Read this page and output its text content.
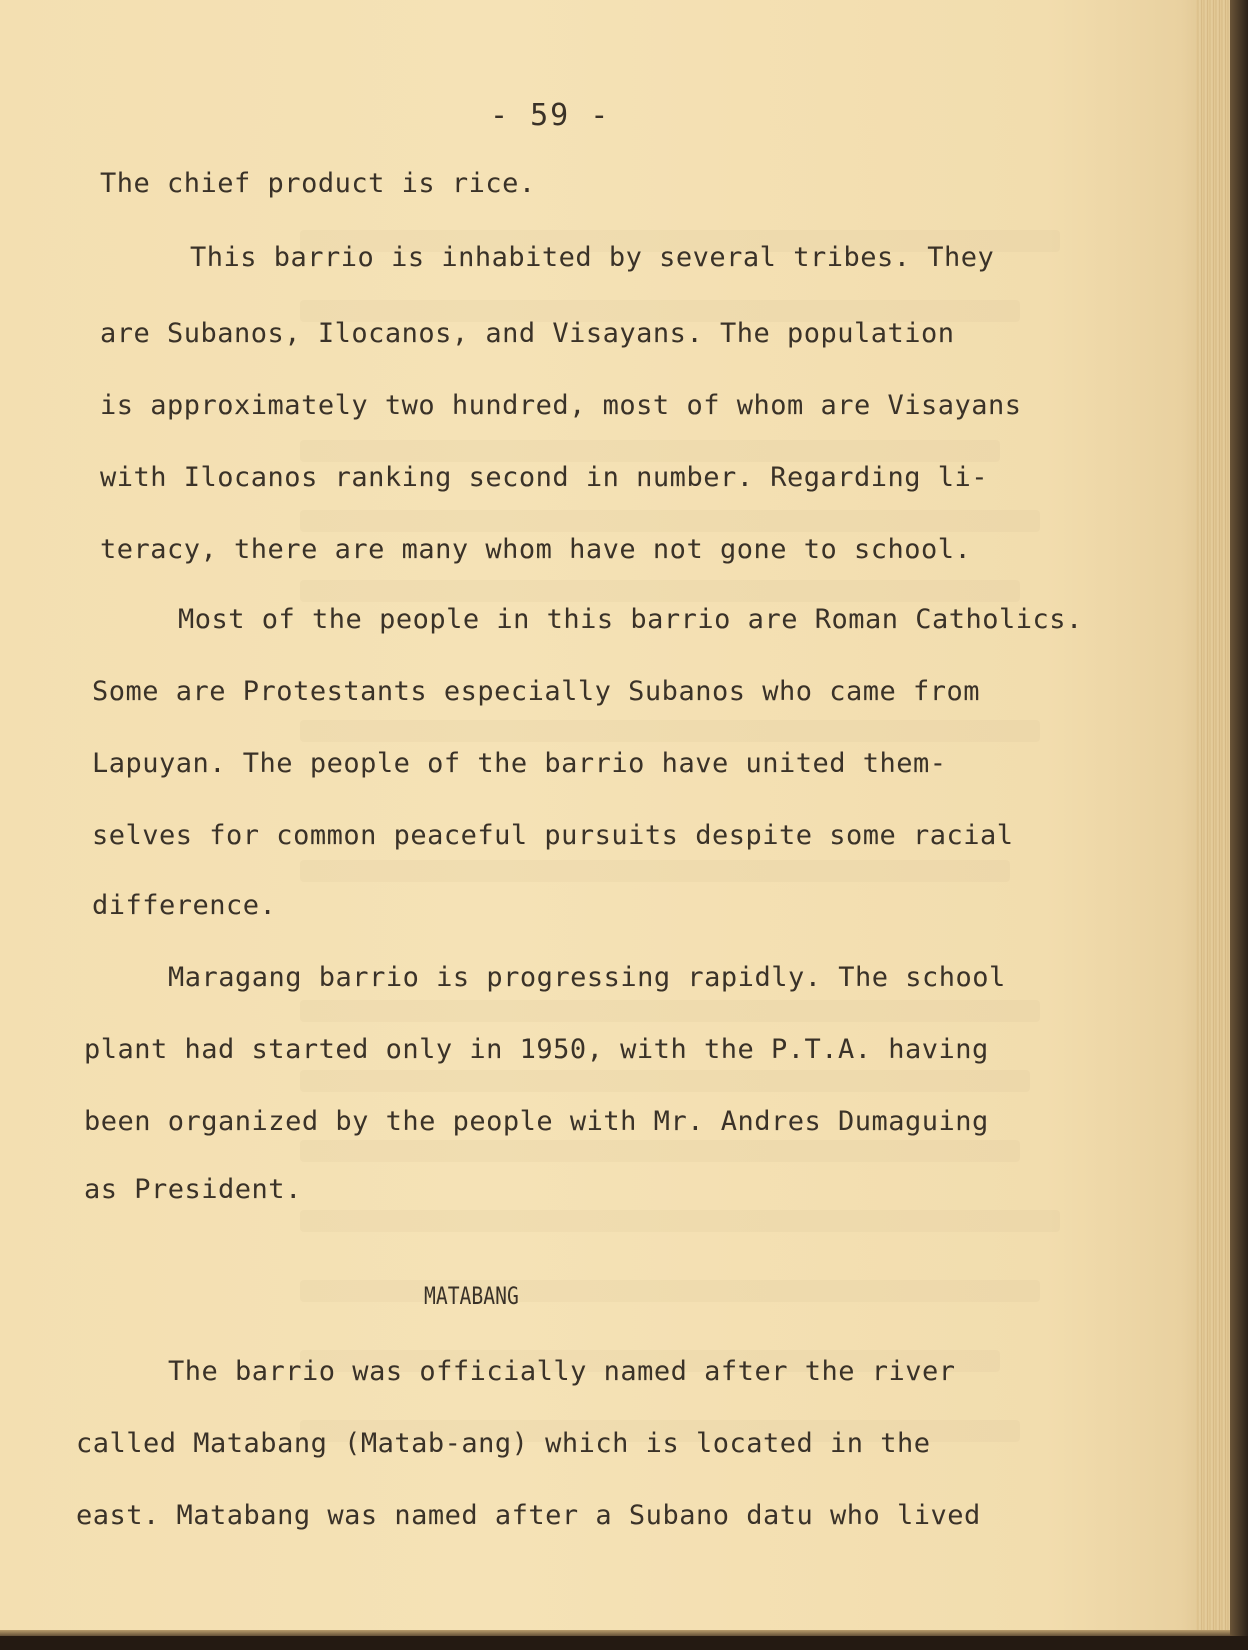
- 59 -
The chief product is rice.
This barrio is inhabited by several tribes. They
are Subanos, Ilocanos, and Visayans. The population
is approximately two hundred, most of whom are Visayans
with Ilocanos ranking second in number. Regarding li-
teracy, there are many whom have not gone to school.
Most of the people in this barrio are Roman Catholics.
Some are Protestants especially Subanos who came from
Lapuyan. The people of the barrio have united them-
selves for common peaceful pursuits despite some racial
difference.
Maragang barrio is progressing rapidly. The school
plant had started only in 1950, with the P.T.A. having
been organized by the people with Mr. Andres Dumaguing
as President.
The barrio was officially named after the river
called Matabang (Matab-ang) which is located in the
east. Matabang was named after a Subano datu who lived
MATABANG
